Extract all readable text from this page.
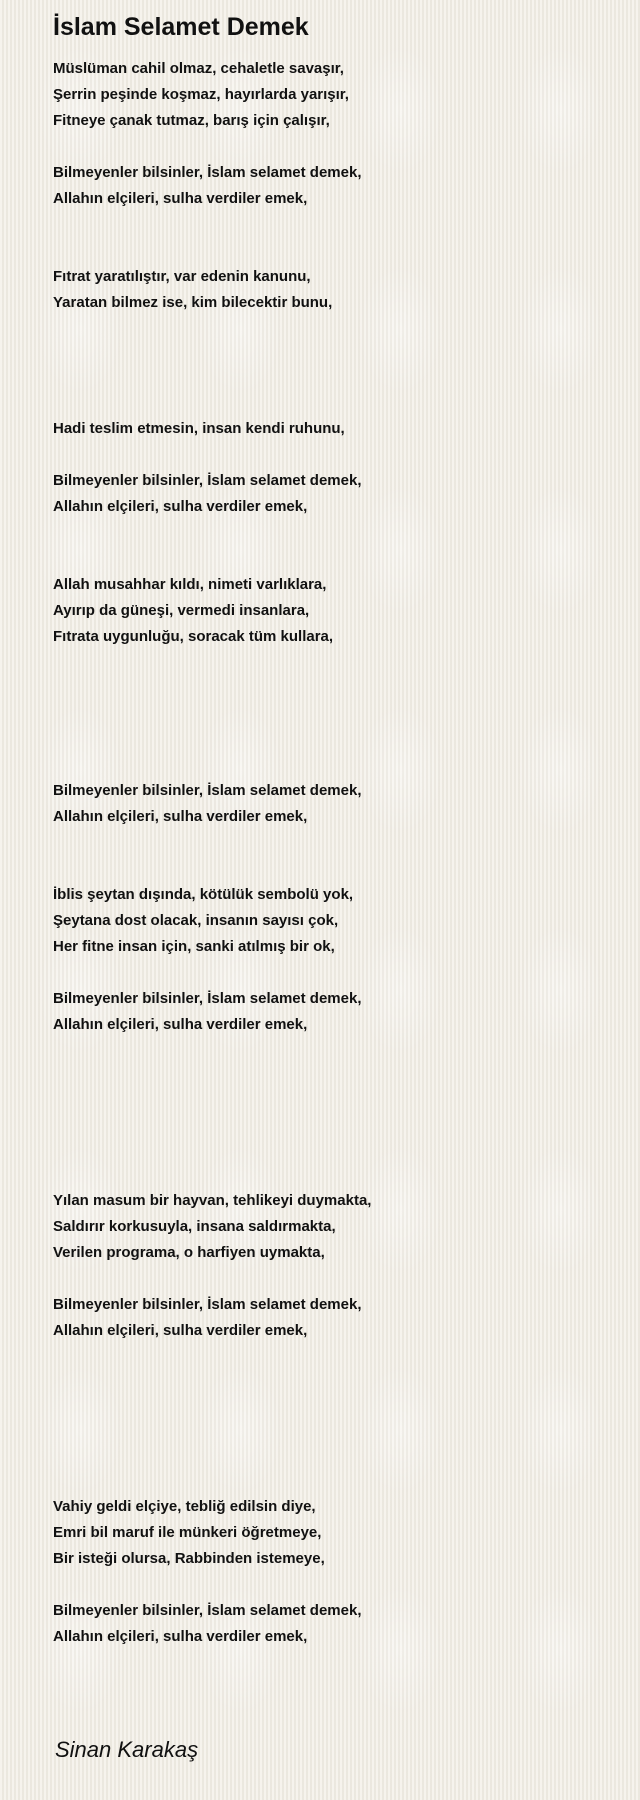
İslam Selamet Demek
Müslüman cahil olmaz, cehaletle savaşır,
Şerrin peşinde koşmaz, hayırlarda yarışır,
Fitneye çanak tutmaz, barış için çalışır,
Bilmeyenler bilsinler, İslam selamet demek,
Allahın elçileri, sulha verdiler emek,
Fıtrat yaratılıştır, var edenin kanunu,
Yaratan bilmez ise, kim bilecektir bunu,
Hadi teslim etmesin, insan kendi ruhunu,
Bilmeyenler bilsinler, İslam selamet demek,
Allahın elçileri, sulha verdiler emek,
Allah musahhar kıldı, nimeti varlıklara,
Ayırıp da güneşi, vermedi insanlara,
Fıtrata uygunluğu, soracak tüm kullara,
Bilmeyenler bilsinler, İslam selamet demek,
Allahın elçileri, sulha verdiler emek,
İblis şeytan dışında, kötülük sembolü yok,
Şeytana dost olacak, insanın sayısı çok,
Her fitne insan için, sanki atılmış bir ok,
Bilmeyenler bilsinler, İslam selamet demek,
Allahın elçileri, sulha verdiler emek,
Yılan masum bir hayvan, tehlikeyi duymakta,
Saldırır korkusuyla, insana saldırmakta,
Verilen programa, o harfiyen uymakta,
Bilmeyenler bilsinler, İslam selamet demek,
Allahın elçileri, sulha verdiler emek,
Vahiy geldi elçiye, tebliğ edilsin diye,
Emri bil maruf ile münkeri öğretmeye,
Bir isteği olursa, Rabbinden istemeye,
Bilmeyenler bilsinler, İslam selamet demek,
Allahın elçileri, sulha verdiler emek,
Sinan Karakaş
